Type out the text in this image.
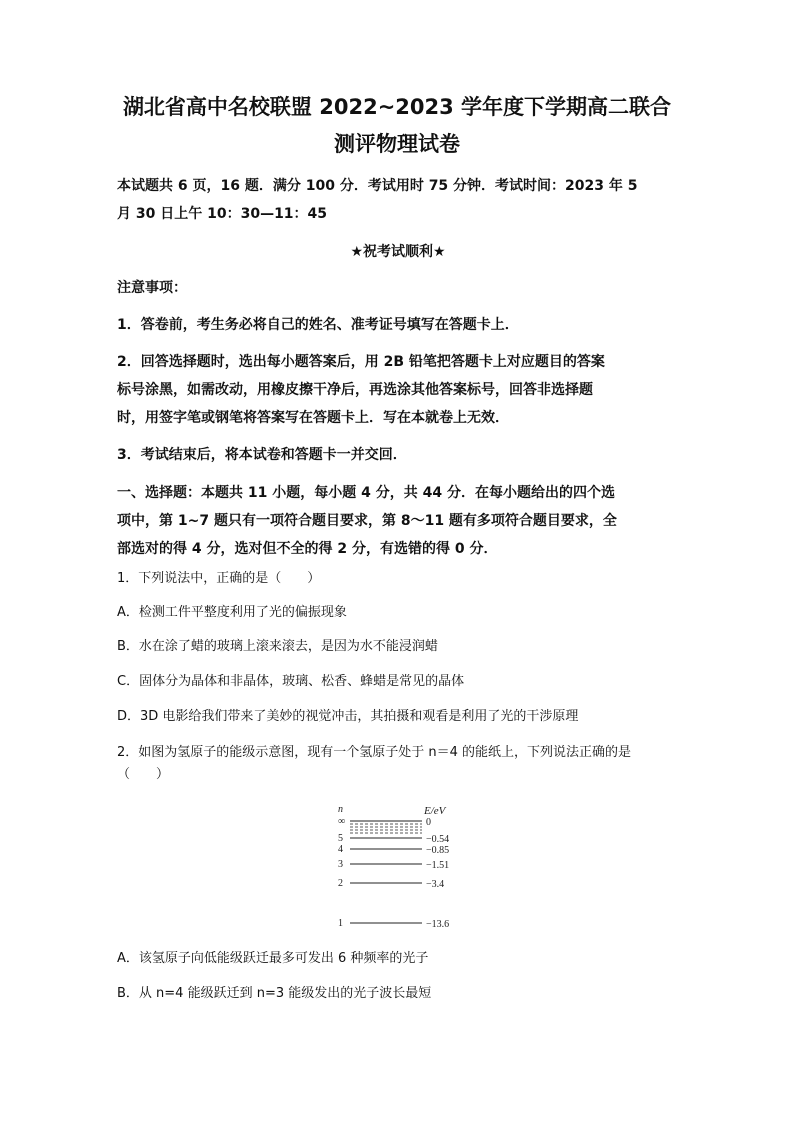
湖北省高中名校联盟 2022~2023 学年度下学期高二联合
测评物理试卷
本试题共 6 页，16 题．满分 100 分．考试用时 75 分钟．考试时间：2023 年 5
月 30 日上午 10：30—11：45
★祝考试顺利★
注意事项：
1．答卷前，考生务必将自己的姓名、准考证号填写在答题卡上．
2．回答选择题时，选出每小题答案后，用 2B 铅笔把答题卡上对应题目的答案
标号涂黑，如需改动，用橡皮擦干净后，再选涂其他答案标号，回答非选择题
时，用签字笔或钢笔将答案写在答题卡上．写在本就卷上无效．
3．考试结束后，将本试卷和答题卡一并交回．
一、选择题：本题共 11 小题，每小题 4 分，共 44 分．在每小题给出的四个选
项中，第 1~7 题只有一项符合题目要求，第 8～11 题有多项符合题目要求，全
部选对的得 4 分，选对但不全的得 2 分，有选错的得 0 分．
1．下列说法中，正确的是（　　）
A．检测工件平整度利用了光的偏振现象
B．水在涂了蜡的玻璃上滚来滚去，是因为水不能浸润蜡
C．固体分为晶体和非晶体，玻璃、松香、蜂蜡是常见的晶体
D．3D 电影给我们带来了美妙的视觉冲击，其拍摄和观看是利用了光的干涉原理
2．如图为氢原子的能级示意图，现有一个氢原子处于 n＝4 的能纸上，下列说法正确的是
（　　）
n	E/eV
∞
5
4
3
2
1
0
−0.54
−0.85
−1.51
−3.4
−13.6
A．该氢原子向低能级跃迁最多可发出 6 种频率的光子
B．从 n=4 能级跃迁到 n=3 能级发出的光子波长最短
